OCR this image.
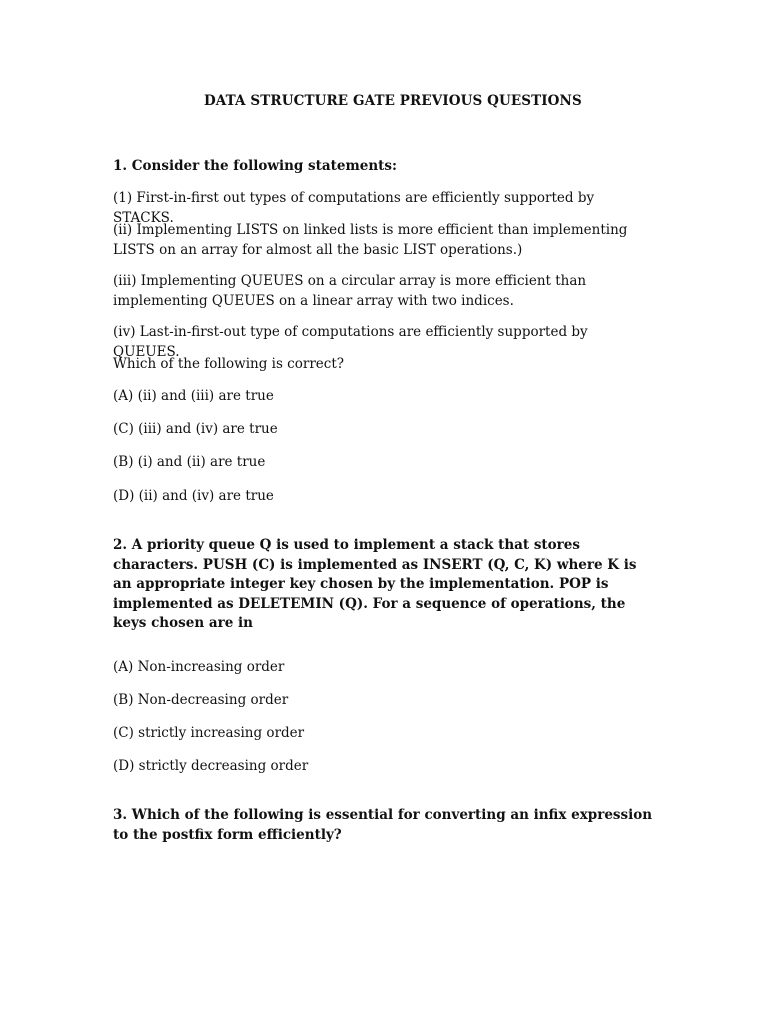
DATA STRUCTURE GATE PREVIOUS QUESTIONS
1. Consider the following statements:
(1) First-in-first out types of computations are efficiently supported by STACKS.
(ii) Implementing LISTS on linked lists is more efficient than implementing LISTS on an array for almost all the basic LIST operations.)
(iii) Implementing QUEUES on a circular array is more efficient than implementing QUEUES on a linear array with two indices.
(iv) Last-in-first-out type of computations are efficiently supported by QUEUES.
Which of the following is correct?
(A) (ii) and (iii) are true
(C) (iii) and (iv) are true
(B) (i) and (ii) are true
(D) (ii) and (iv) are true
2. A priority queue Q is used to implement a stack that stores characters. PUSH (C) is implemented as INSERT (Q, C, K) where K is an appropriate integer key chosen by the implementation. POP is implemented as DELETEMIN (Q). For a sequence of operations, the keys chosen are in
(A) Non-increasing order
(B) Non-decreasing order
(C) strictly increasing order
(D) strictly decreasing order
3. Which of the following is essential for converting an infix expression to the postfix form efficiently?
